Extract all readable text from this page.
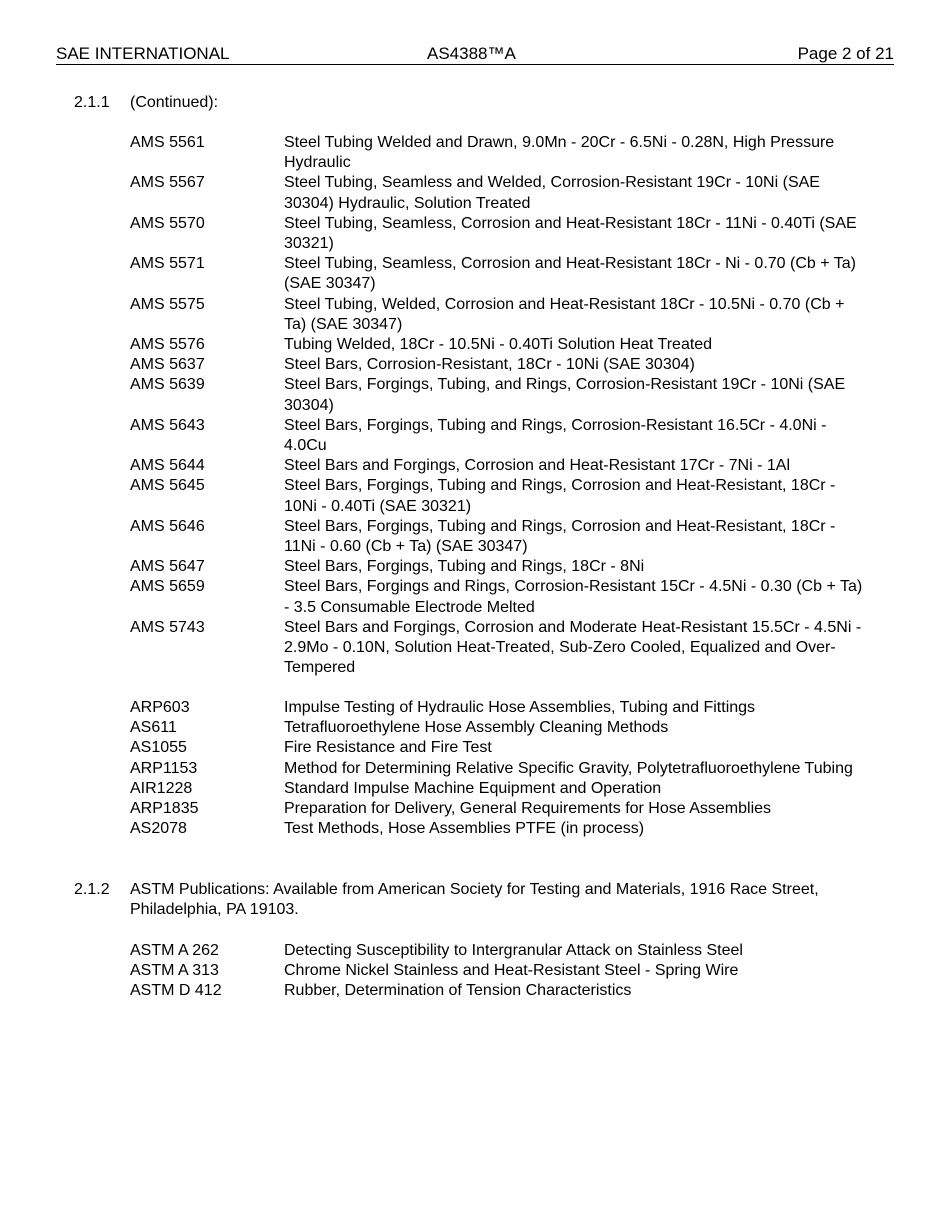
SAE INTERNATIONAL	AS4388™A	Page 2 of 21
2.1.1	(Continued):
AMS 5561	Steel Tubing Welded and Drawn, 9.0Mn - 20Cr - 6.5Ni - 0.28N, High Pressure Hydraulic
AMS 5567	Steel Tubing, Seamless and Welded, Corrosion-Resistant 19Cr - 10Ni (SAE 30304) Hydraulic, Solution Treated
AMS 5570	Steel Tubing, Seamless, Corrosion and Heat-Resistant 18Cr - 11Ni - 0.40Ti (SAE 30321)
AMS 5571	Steel Tubing, Seamless, Corrosion and Heat-Resistant 18Cr - Ni - 0.70 (Cb + Ta) (SAE 30347)
AMS 5575	Steel Tubing, Welded, Corrosion and Heat-Resistant 18Cr - 10.5Ni - 0.70 (Cb + Ta) (SAE 30347)
AMS 5576	Tubing Welded, 18Cr - 10.5Ni - 0.40Ti Solution Heat Treated
AMS 5637	Steel Bars, Corrosion-Resistant, 18Cr - 10Ni (SAE 30304)
AMS 5639	Steel Bars, Forgings, Tubing, and Rings, Corrosion-Resistant 19Cr - 10Ni (SAE 30304)
AMS 5643	Steel Bars, Forgings, Tubing and Rings, Corrosion-Resistant 16.5Cr - 4.0Ni - 4.0Cu
AMS 5644	Steel Bars and Forgings, Corrosion and Heat-Resistant 17Cr - 7Ni - 1Al
AMS 5645	Steel Bars, Forgings, Tubing and Rings, Corrosion and Heat-Resistant, 18Cr - 10Ni - 0.40Ti (SAE 30321)
AMS 5646	Steel Bars, Forgings, Tubing and Rings, Corrosion and Heat-Resistant, 18Cr - 11Ni - 0.60 (Cb + Ta) (SAE 30347)
AMS 5647	Steel Bars, Forgings, Tubing and Rings, 18Cr - 8Ni
AMS 5659	Steel Bars, Forgings and Rings, Corrosion-Resistant 15Cr - 4.5Ni - 0.30 (Cb + Ta) - 3.5 Consumable Electrode Melted
AMS 5743	Steel Bars and Forgings, Corrosion and Moderate Heat-Resistant 15.5Cr - 4.5Ni - 2.9Mo - 0.10N, Solution Heat-Treated, Sub-Zero Cooled, Equalized and Over-Tempered
ARP603	Impulse Testing of Hydraulic Hose Assemblies, Tubing and Fittings
AS611	Tetrafluoroethylene Hose Assembly Cleaning Methods
AS1055	Fire Resistance and Fire Test
ARP1153	Method for Determining Relative Specific Gravity, Polytetrafluoroethylene Tubing
AIR1228	Standard Impulse Machine Equipment and Operation
ARP1835	Preparation for Delivery, General Requirements for Hose Assemblies
AS2078	Test Methods, Hose Assemblies PTFE (in process)
2.1.2	ASTM Publications: Available from American Society for Testing and Materials, 1916 Race Street, Philadelphia, PA 19103.
ASTM A 262	Detecting Susceptibility to Intergranular Attack on Stainless Steel
ASTM A 313	Chrome Nickel Stainless and Heat-Resistant Steel - Spring Wire
ASTM D 412	Rubber, Determination of Tension Characteristics
